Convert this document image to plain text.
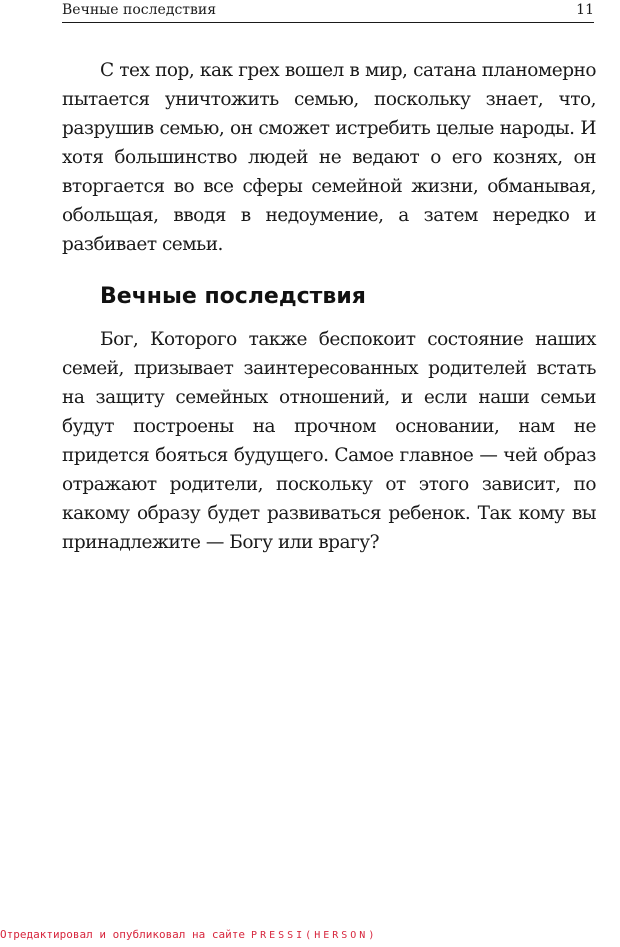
Вечные последствия	11

С тех пор, как грех вошел в мир, сатана планомерно пытается уничтожить семью, поскольку знает, что, разрушив семью, он сможет истребить целые народы. И хотя большинство людей не ведают о его кознях, он вторгается во все сферы семейной жизни, обманывая, обольщая, вводя в недоумение, а затем нередко и разбивает семьи.

Вечные последствия

Бог, Которого также беспокоит состояние наших семей, призывает заинтересованных родителей встать на защиту семейных отношений, и если наши семьи будут построены на прочном основании, нам не придется бояться будущего. Самое главное — чей образ отражают родители, поскольку от этого зависит, по какому образу будет развиваться ребенок. Так кому вы принадлежите — Богу или врагу?

Отредактировал и опубликовал на сайте PRESSI(HERSON)
